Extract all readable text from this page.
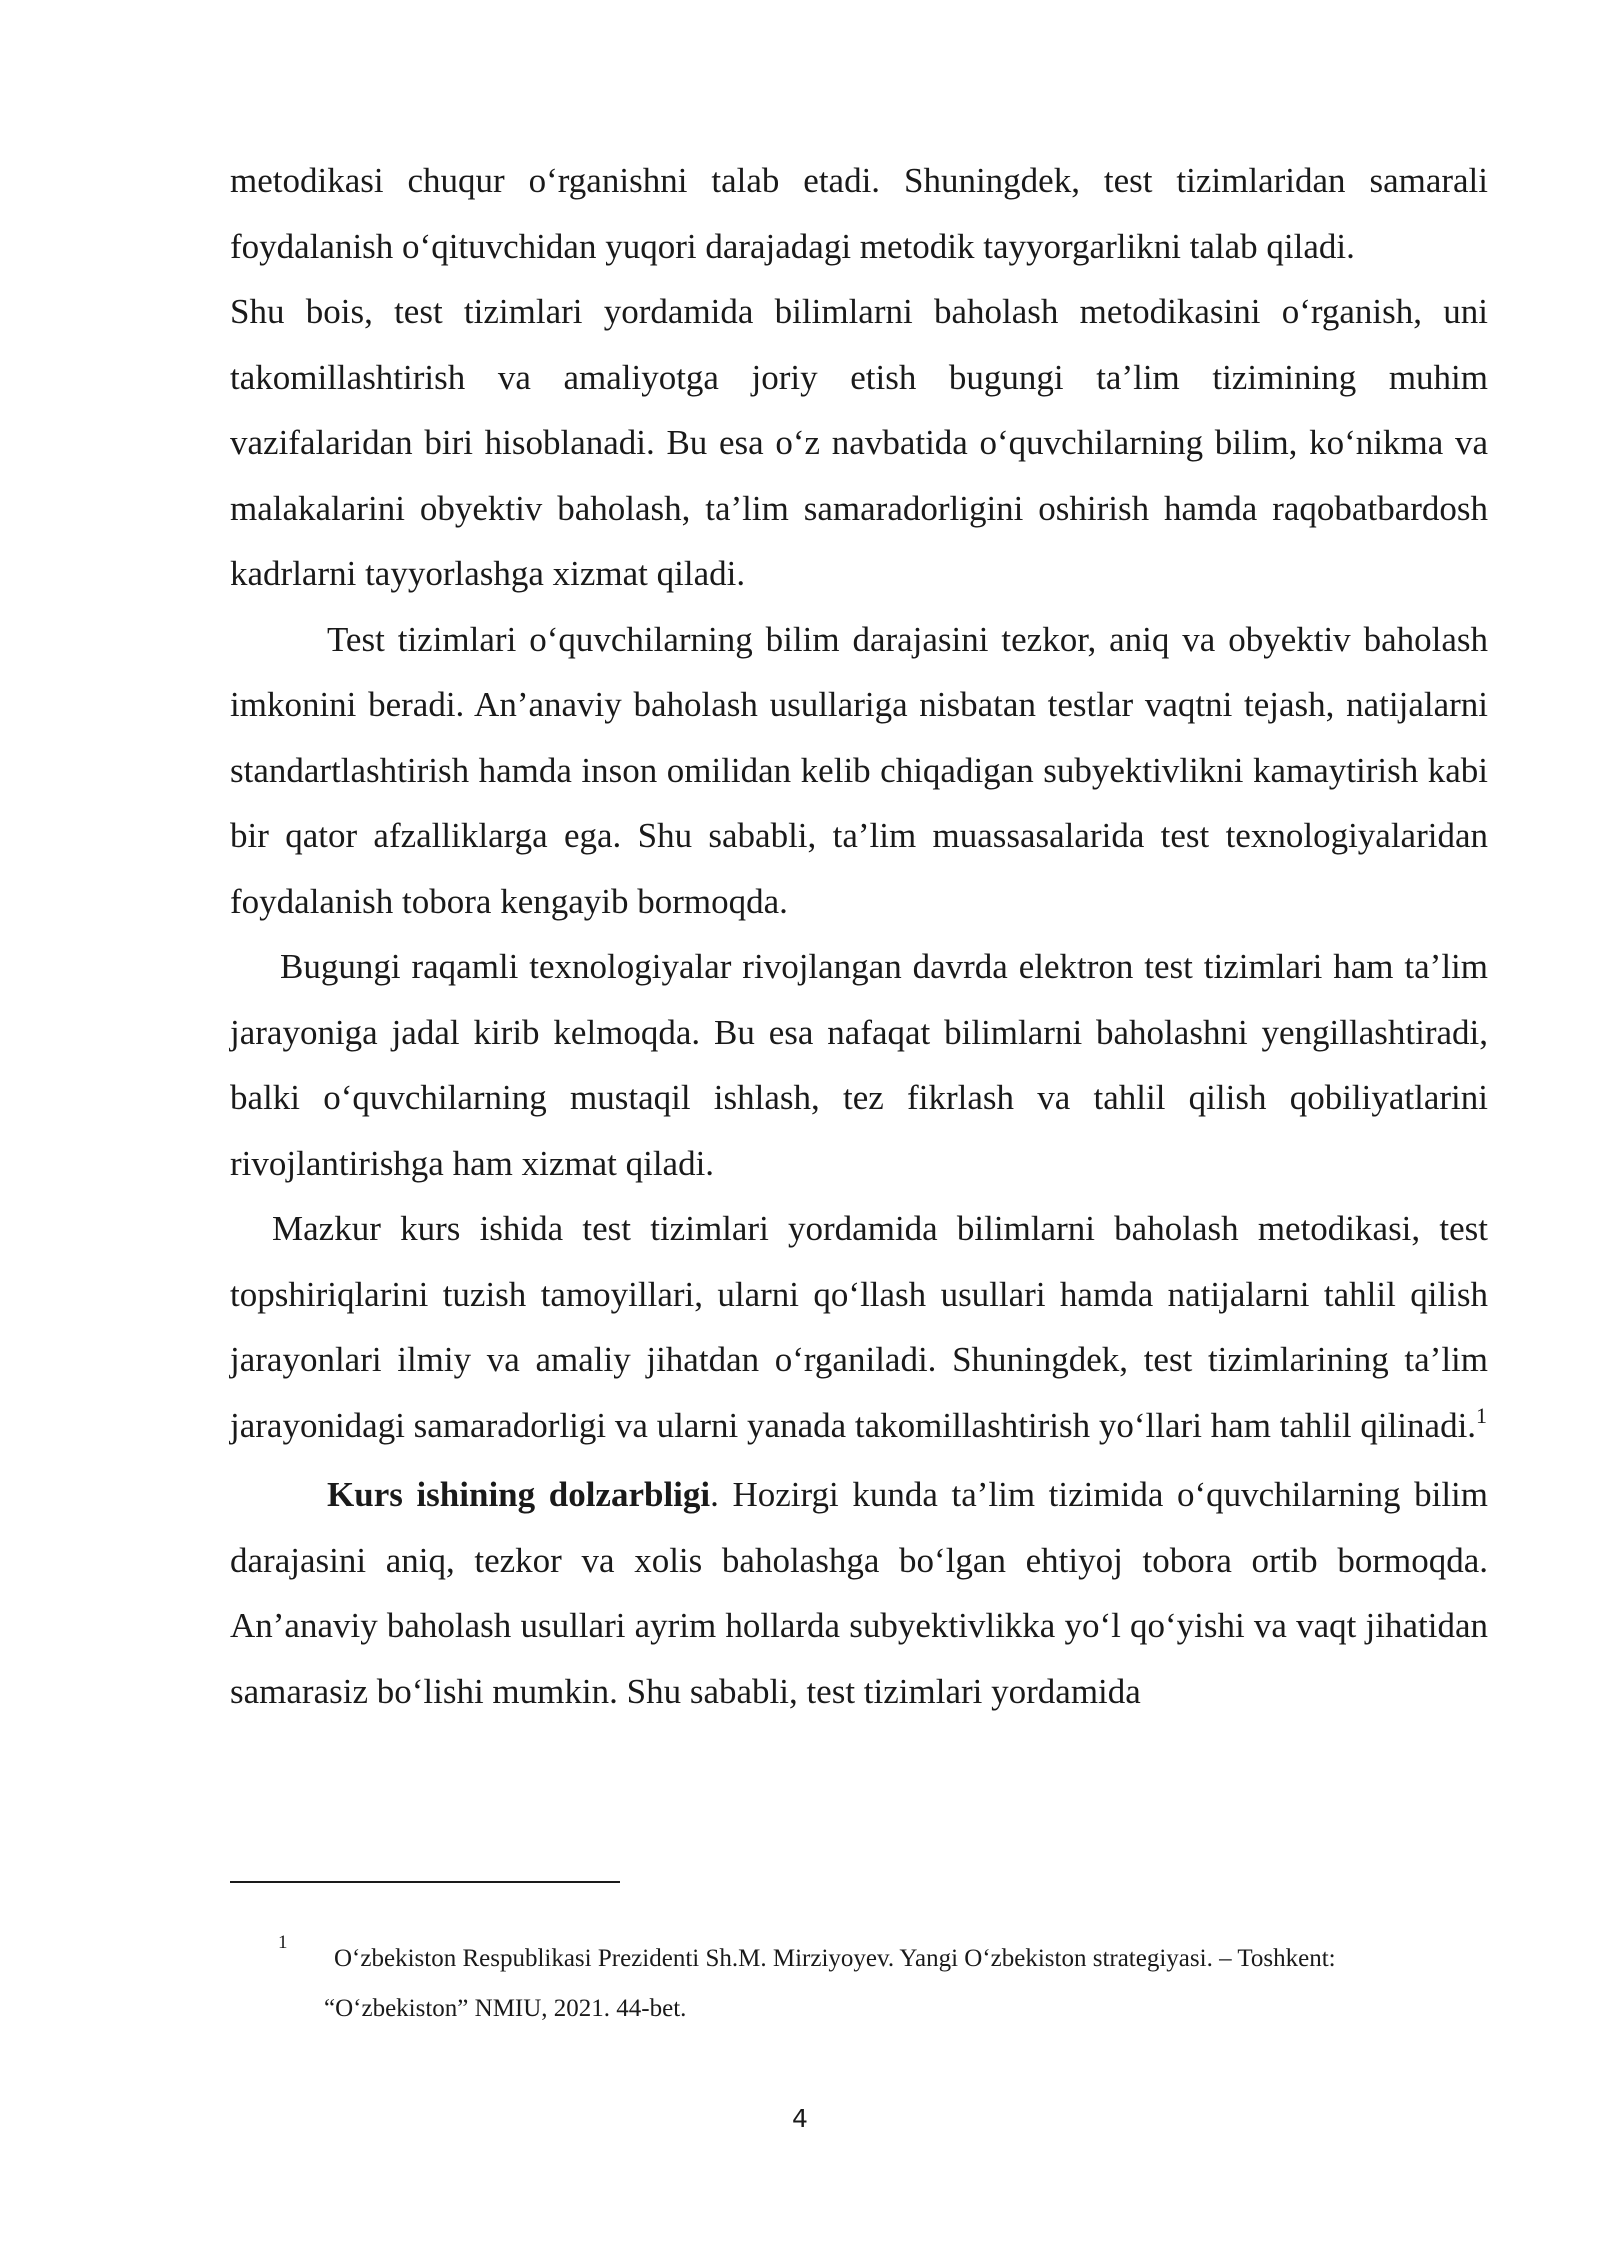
metodikasi chuqur o‘rganishni talab etadi. Shuningdek, test tizimlaridan samarali foydalanish o‘qituvchidan yuqori darajadagi metodik tayyorgarlikni talab qiladi.

Shu bois, test tizimlari yordamida bilimlarni baholash metodikasini o‘rganish, uni takomillashtirish va amaliyotga joriy etish bugungi ta’lim tizimining muhim vazifalaridan biri hisoblanadi. Bu esa o‘z navbatida o‘quvchilarning bilim, ko‘nikma va malakalarini obyektiv baholash, ta’lim samaradorligini oshirish hamda raqobatbardosh kadrlarni tayyorlashga xizmat qiladi.

Test tizimlari o‘quvchilarning bilim darajasini tezkor, aniq va obyektiv baholash imkonini beradi. An’anaviy baholash usullariga nisbatan testlar vaqtni tejash, natijalarni standartlashtirish hamda inson omilidan kelib chiqadigan subyektivlikni kamaytirish kabi bir qator afzalliklarga ega. Shu sababli, ta’lim muassasalarida test texnologiyalaridan foydalanish tobora kengayib bormoqda.

Bugungi raqamli texnologiyalar rivojlangan davrda elektron test tizimlari ham ta’lim jarayoniga jadal kirib kelmoqda. Bu esa nafaqat bilimlarni baholashni yengillashtiradi, balki o‘quvchilarning mustaqil ishlash, tez fikrlash va tahlil qilish qobiliyatlarini rivojlantirishga ham xizmat qiladi.

Mazkur kurs ishida test tizimlari yordamida bilimlarni baholash metodikasi, test topshiriqlarini tuzish tamoyillari, ularni qo‘llash usullari hamda natijalarni tahlil qilish jarayonlari ilmiy va amaliy jihatdan o‘rganiladi. Shuningdek, test tizimlarining ta’lim jarayonidagi samaradorligi va ularni yanada takomillashtirish yo‘llari ham tahlil qilinadi.$^1$

Kurs ishining dolzarbligi. Hozirgi kunda ta’lim tizimida o‘quvchilarning bilim darajasini aniq, tezkor va xolis baholashga bo‘lgan ehtiyoj tobora ortib bormoqda. An’anaviy baholash usullari ayrim hollarda subyektivlikka yo‘l qo‘yishi va vaqt jihatidan samarasiz bo‘lishi mumkin. Shu sababli, test tizimlari yordamida

1
O‘zbekiston Respublikasi Prezidenti Sh.M. Mirziyoyev. Yangi O‘zbekiston strategiyasi. – Toshkent:
“O‘zbekiston” NMIU, 2021. 44-bet.
4
